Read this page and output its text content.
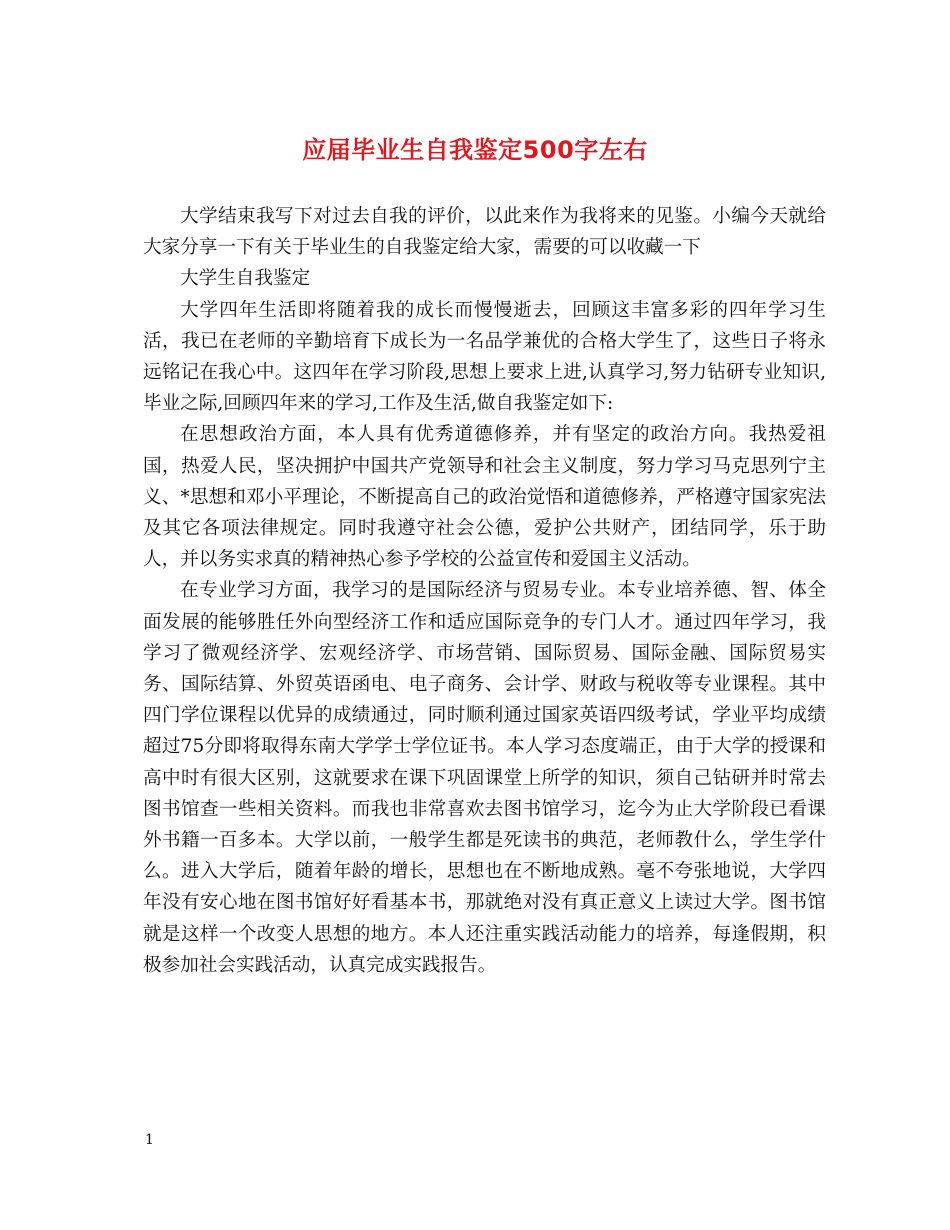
应届毕业生自我鉴定500字左右

大学结束我写下对过去自我的评价，以此来作为我将来的见鉴。小编今天就给大家分享一下有关于毕业生的自我鉴定给大家，需要的可以收藏一下

大学生自我鉴定

大学四年生活即将随着我的成长而慢慢逝去，回顾这丰富多彩的四年学习生活，我已在老师的辛勤培育下成长为一名品学兼优的合格大学生了，这些日子将永远铭记在我心中。这四年在学习阶段,思想上要求上进,认真学习,努力钻研专业知识,毕业之际,回顾四年来的学习,工作及生活,做自我鉴定如下:

在思想政治方面，本人具有优秀道德修养，并有坚定的政治方向。我热爱祖国，热爱人民，坚决拥护中国共产党领导和社会主义制度，努力学习马克思列宁主义、*思想和邓小平理论，不断提高自己的政治觉悟和道德修养，严格遵守国家宪法及其它各项法律规定。同时我遵守社会公德，爱护公共财产，团结同学，乐于助人，并以务实求真的精神热心参予学校的公益宣传和爱国主义活动。

在专业学习方面，我学习的是国际经济与贸易专业。本专业培养德、智、体全面发展的能够胜任外向型经济工作和适应国际竞争的专门人才。通过四年学习，我学习了微观经济学、宏观经济学、市场营销、国际贸易、国际金融、国际贸易实务、国际结算、外贸英语函电、电子商务、会计学、财政与税收等专业课程。其中四门学位课程以优异的成绩通过，同时顺利通过国家英语四级考试，学业平均成绩超过75分即将取得东南大学学士学位证书。本人学习态度端正，由于大学的授课和高中时有很大区别，这就要求在课下巩固课堂上所学的知识，须自己钻研并时常去图书馆查一些相关资料。而我也非常喜欢去图书馆学习，迄今为止大学阶段已看课外书籍一百多本。大学以前，一般学生都是死读书的典范，老师教什么，学生学什么。进入大学后，随着年龄的增长，思想也在不断地成熟。毫不夸张地说，大学四年没有安心地在图书馆好好看基本书，那就绝对没有真正意义上读过大学。图书馆就是这样一个改变人思想的地方。本人还注重实践活动能力的培养，每逢假期，积极参加社会实践活动，认真完成实践报告。

1
